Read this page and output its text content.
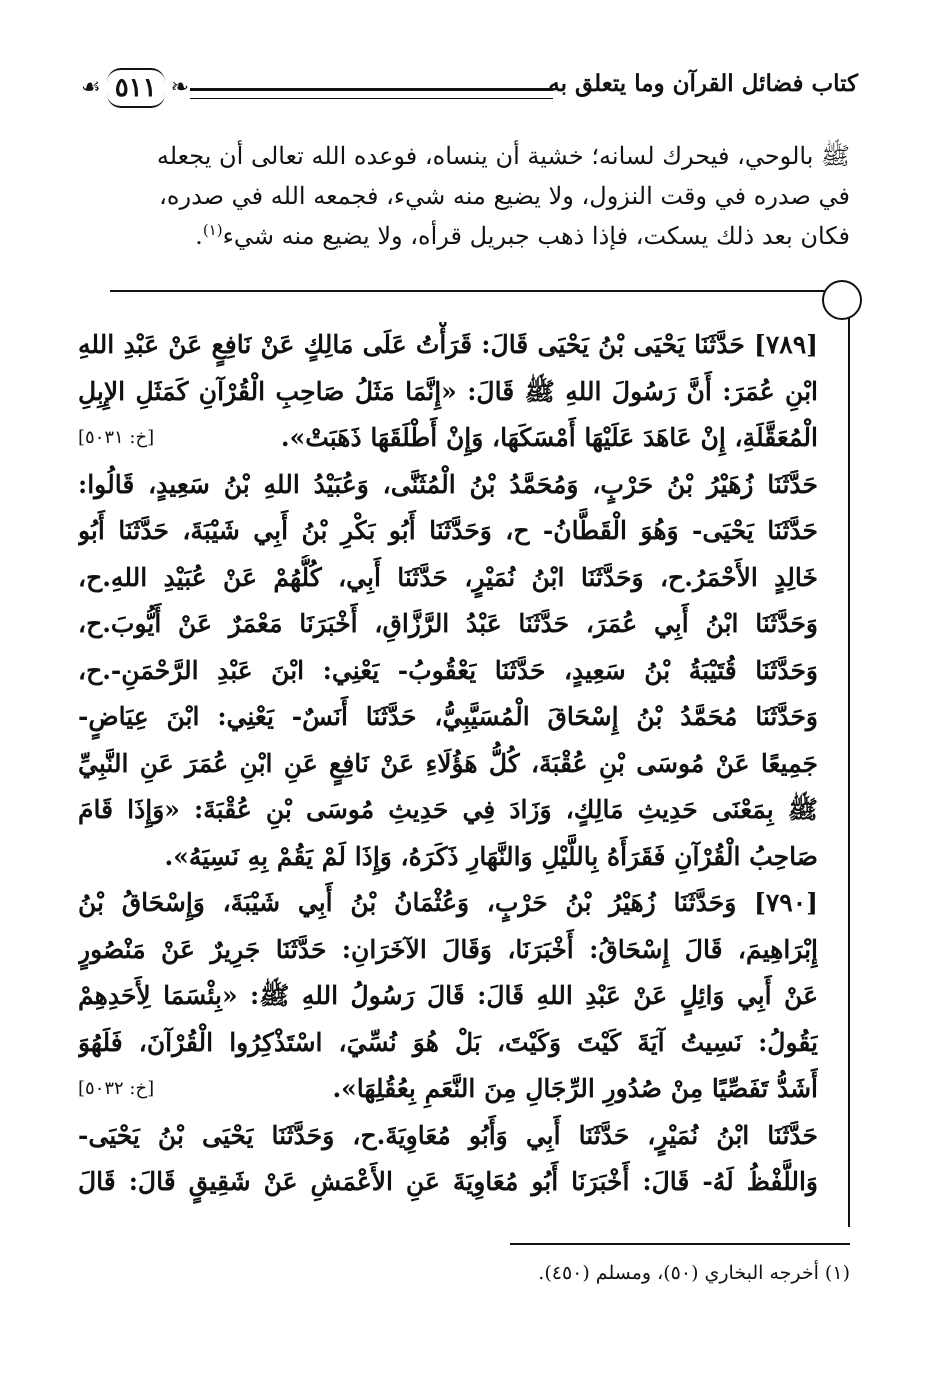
كتاب فضائل القرآن وما يتعلق به
❧
٥١١
☙

ﷺ بالوحي، فيحرك لسانه؛ خشية أن ينساه، فوعده الله تعالى أن يجعله

في صدره في وقت النزول، ولا يضيع منه شيء، فجمعه الله في صدره،

فكان بعد ذلك يسكت، فإذا ذهب جبريل قرأه، ولا يضيع منه شيء$^{(١)}$.

[٧٨٩] حَدَّثَنَا يَحْيَى بْنُ يَحْيَى قَالَ: قَرَأْتُ عَلَى مَالِكٍ عَنْ نَافِعٍ عَنْ عَبْدِ اللهِ
ابْنِ عُمَرَ: أَنَّ رَسُولَ اللهِ ﷺ قَالَ: «إِنَّمَا مَثَلُ صَاحِبِ الْقُرْآنِ كَمَثَلِ الإِبِلِ
الْمُعَقَّلَةِ، إِنْ عَاهَدَ عَلَيْهَا أَمْسَكَهَا، وَإِنْ أَطْلَقَهَا ذَهَبَتْ».
[خ: ٥٠٣١]
حَدَّثَنَا زُهَيْرُ بْنُ حَرْبٍ، وَمُحَمَّدُ بْنُ الْمُثَنَّى، وَعُبَيْدُ اللهِ بْنُ سَعِيدٍ، قَالُوا:
حَدَّثَنَا يَحْيَى- وَهُوَ الْقَطَّانُ- ح، وَحَدَّثَنَا أَبُو بَكْرِ بْنُ أَبِي شَيْبَةَ، حَدَّثَنَا أَبُو
خَالِدٍ الأَحْمَرُ.ح، وَحَدَّثَنَا ابْنُ نُمَيْرٍ، حَدَّثَنَا أَبِي، كُلُّهُمْ عَنْ عُبَيْدِ اللهِ.ح،
وَحَدَّثَنَا ابْنُ أَبِي عُمَرَ، حَدَّثَنَا عَبْدُ الرَّزَّاقِ، أَخْبَرَنَا مَعْمَرٌ عَنْ أَيُّوبَ.ح،
وَحَدَّثَنَا قُتَيْبَةُ بْنُ سَعِيدٍ، حَدَّثَنَا يَعْقُوبُ- يَعْنِي: ابْنَ عَبْدِ الرَّحْمَنِ-.ح،
وَحَدَّثَنَا مُحَمَّدُ بْنُ إِسْحَاقَ الْمُسَيَّبِيُّ، حَدَّثَنَا أَنَسٌ- يَعْنِي: ابْنَ عِيَاضٍ-
جَمِيعًا عَنْ مُوسَى بْنِ عُقْبَةَ، كُلُّ هَؤُلَاءِ عَنْ نَافِعٍ عَنِ ابْنِ عُمَرَ عَنِ النَّبِيِّ
ﷺ بِمَعْنَى حَدِيثِ مَالِكٍ، وَزَادَ فِي حَدِيثِ مُوسَى بْنِ عُقْبَةَ: «وَإِذَا قَامَ
صَاحِبُ الْقُرْآنِ فَقَرَأَهُ بِاللَّيْلِ وَالنَّهَارِ ذَكَرَهُ، وَإِذَا لَمْ يَقُمْ بِهِ نَسِيَهُ».
[٧٩٠] وَحَدَّثَنَا زُهَيْرُ بْنُ حَرْبٍ، وَعُثْمَانُ بْنُ أَبِي شَيْبَةَ، وَإِسْحَاقُ بْنُ
إِبْرَاهِيمَ، قَالَ إِسْحَاقُ: أَخْبَرَنَا، وَقَالَ الآخَرَانِ: حَدَّثَنَا جَرِيرٌ عَنْ مَنْصُورٍ
عَنْ أَبِي وَائِلٍ عَنْ عَبْدِ اللهِ قَالَ: قَالَ رَسُولُ اللهِ ﷺ: «بِئْسَمَا لِأَحَدِهِمْ
يَقُولُ: نَسِيتُ آيَةَ كَيْتَ وَكَيْتَ، بَلْ هُوَ نُسِّيَ، اسْتَذْكِرُوا الْقُرْآنَ، فَلَهُوَ
أَشَدُّ تَفَصِّيًا مِنْ صُدُورِ الرِّجَالِ مِنَ النَّعَمِ بِعُقُلِهَا».
[خ: ٥٠٣٢]
حَدَّثَنَا ابْنُ نُمَيْرٍ، حَدَّثَنَا أَبِي وَأَبُو مُعَاوِيَةَ.ح، وَحَدَّثَنَا يَحْيَى بْنُ يَحْيَى-
وَاللَّفْظُ لَهُ- قَالَ: أَخْبَرَنَا أَبُو مُعَاوِيَةَ عَنِ الأَعْمَشِ عَنْ شَقِيقٍ قَالَ: قَالَ
(١) أخرجه البخاري (٥٠)، ومسلم (٤٥٠).
